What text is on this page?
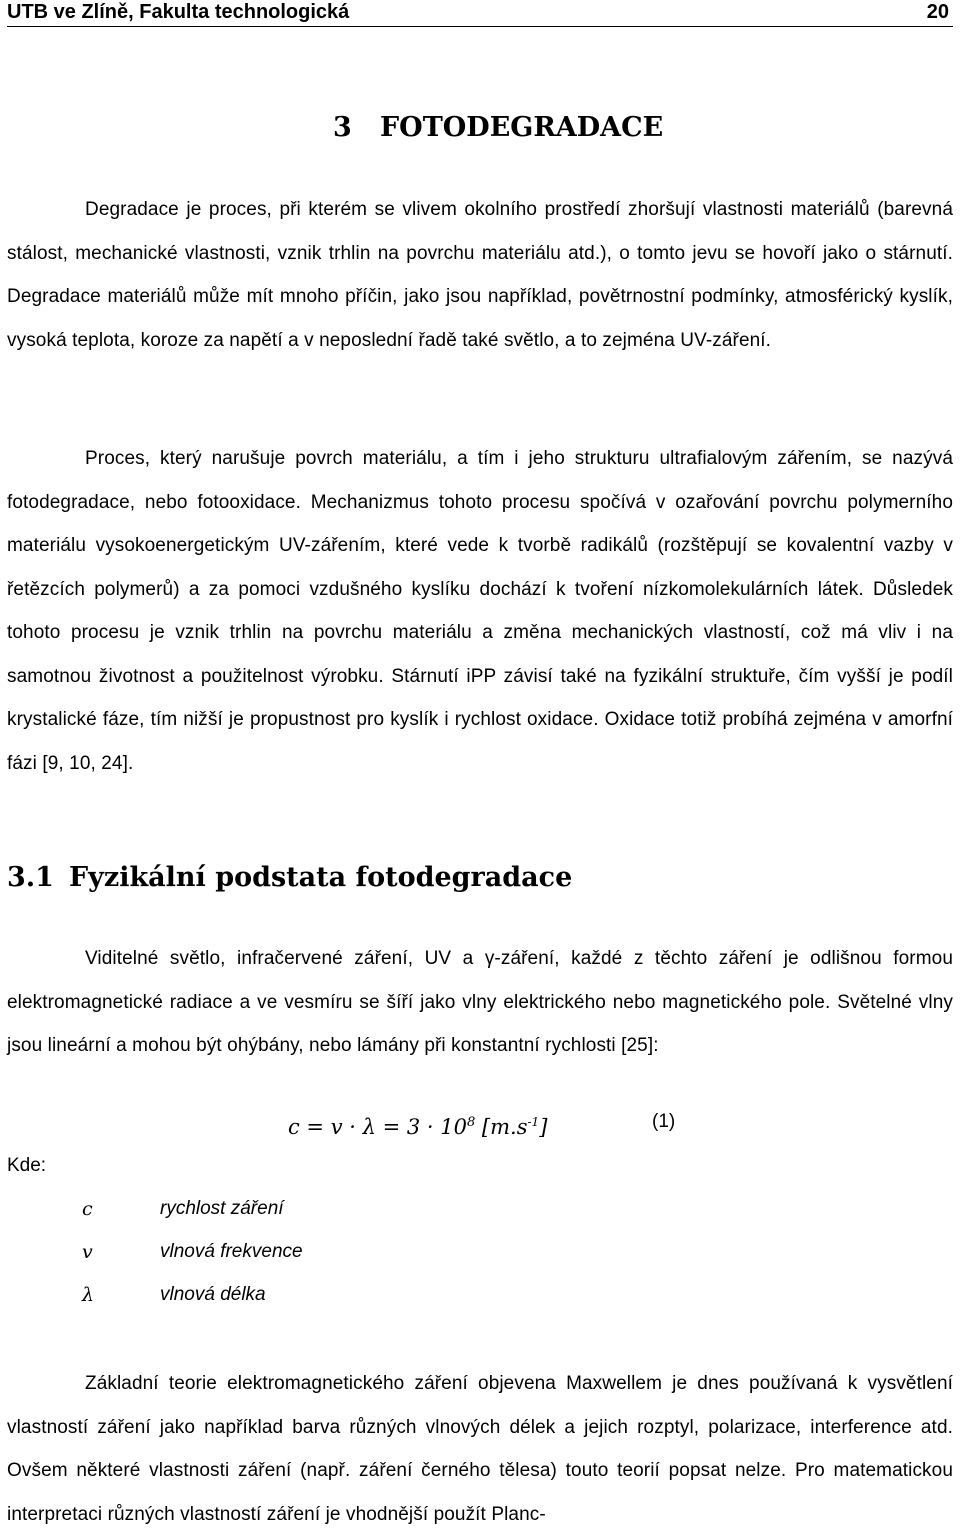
UTB ve Zlíně, Fakulta technologická	20
3 FOTODEGRADACE

Degradace je proces, při kterém se vlivem okolního prostředí zhoršují vlastnosti materiálů (barevná stálost, mechanické vlastnosti, vznik trhlin na povrchu materiálu atd.), o tomto jevu se hovoří jako o stárnutí. Degradace materiálů může mít mnoho příčin, jako jsou například, povětrnostní podmínky, atmosférický kyslík, vysoká teplota, koroze za napětí a v neposlední řadě také světlo, a to zejména UV-záření.

Proces, který narušuje povrch materiálu, a tím i jeho strukturu ultrafialovým zářením, se nazývá fotodegradace, nebo fotooxidace. Mechanizmus tohoto procesu spočívá v ozařování povrchu polymerního materiálu vysokoenergetickým UV-zářením, které vede k tvorbě radikálů (rozštěpují se kovalentní vazby v řetězcích polymerů) a za pomoci vzdušného kyslíku dochází k tvoření nízkomolekulárních látek. Důsledek tohoto procesu je vznik trhlin na povrchu materiálu a změna mechanických vlastností, což má vliv i na samotnou životnost a použitelnost výrobku. Stárnutí iPP závisí také na fyzikální struktuře, čím vyšší je podíl krystalické fáze, tím nižší je propustnost pro kyslík i rychlost oxidace. Oxidace totiž probíhá zejména v amorfní fázi [9, 10, 24].

3.1 Fyzikální podstata fotodegradace

Viditelné světlo, infračervené záření, UV a γ-záření, každé z těchto záření je odlišnou formou elektromagnetické radiace a ve vesmíru se šíří jako vlny elektrického nebo magnetického pole. Světelné vlny jsou lineární a mohou být ohýbány, nebo lámány při konstantní rychlosti [25]:

$c = v \cdot \lambda = 3 \cdot 10^8$ $[m.s^{-1}]$	(1)
Kde:
c	rychlost záření
v	vlnová frekvence
λ	vlnová délka

Základní teorie elektromagnetického záření objevena Maxwellem je dnes používaná k vysvětlení vlastností záření jako například barva různých vlnových délek a jejich rozptyl, polarizace, interference atd. Ovšem některé vlastnosti záření (např. záření černého tělesa) touto teorií popsat nelze. Pro matematickou interpretaci různých vlastností záření je vhodnější použít Planc-
